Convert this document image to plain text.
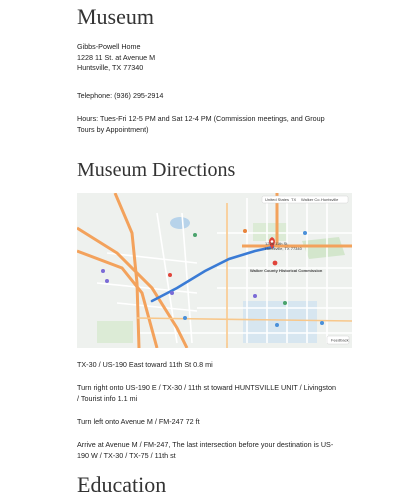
Museum

Gibbs-Powell Home

1228 11 St. at Avenue M

Huntsville, TX 77340

Telephone: (936) 295-2914

Hours: Tues-Fri 12-5 PM and Sat 12-4 PM (Commission meetings, and Group

Tours by Appointment)

Museum Directions
1228 11th St,
Huntsville, TX 77340
Walker County Historical Commission
United States TX Walker Co. Huntsville
Feedback

TX-30 / US-190 East toward 11th St 0.8 mi

Turn right onto US-190 E / TX-30 / 11th st toward HUNTSVILLE UNIT / Livingston

/ Tourist info 1.1 mi

Turn left onto Avenue M / FM-247 72 ft

Arrive at Avenue M / FM-247, The last intersection before your destination is US-

190 W / TX-30 / TX-75 / 11th st

Education
